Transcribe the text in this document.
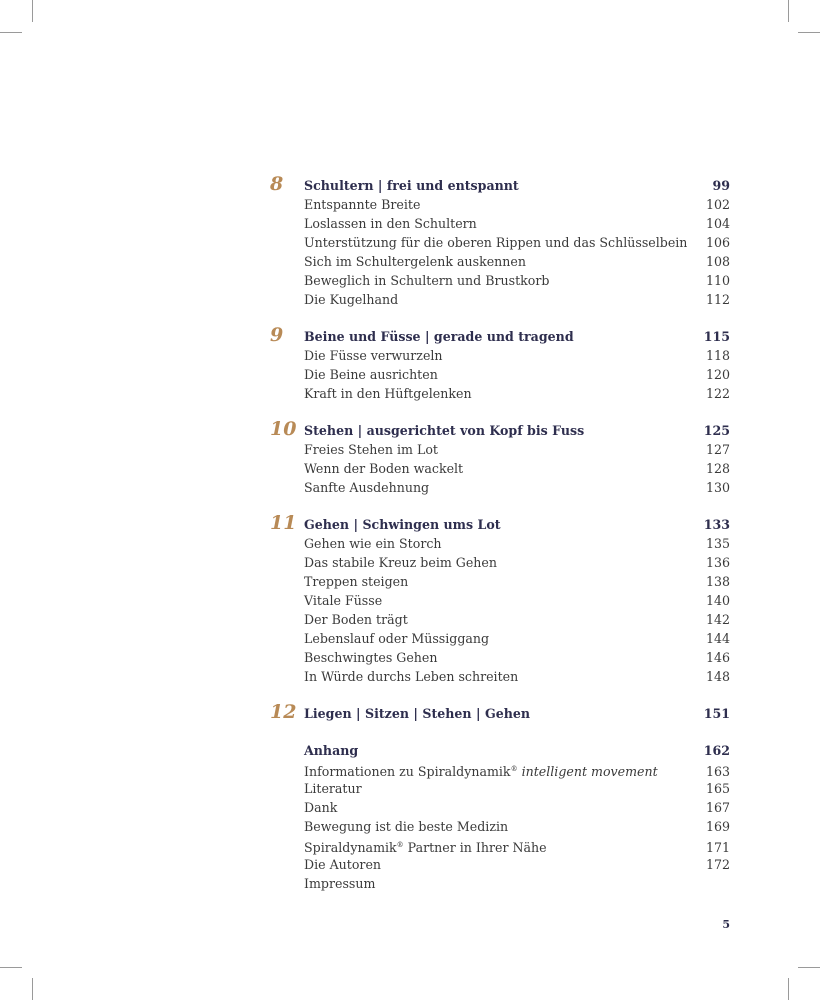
8	Schultern | frei und entspannt	99
Entspannte Breite	102
Loslassen in den Schultern	104
Unterstützung für die oberen Rippen und das Schlüsselbein	106
Sich im Schultergelenk auskennen	108
Beweglich in Schultern und Brustkorb	110
Die Kugelhand	112
9	Beine und Füsse | gerade und tragend	115
Die Füsse verwurzeln	118
Die Beine ausrichten	120
Kraft in den Hüftgelenken	122
10 Stehen | ausgerichtet von Kopf bis Fuss	125
Freies Stehen im Lot	127
Wenn der Boden wackelt	128
Sanfte Ausdehnung	130
11 Gehen | Schwingen ums Lot	133
Gehen wie ein Storch	135
Das stabile Kreuz beim Gehen	136
Treppen steigen	138
Vitale Füsse	140
Der Boden trägt	142
Lebenslauf oder Müssiggang	144
Beschwingtes Gehen	146
In Würde durchs Leben schreiten	148
12 Liegen | Sitzen | Stehen | Gehen	151
Anhang	162
Informationen zu Spiraldynamik® intelligent movement	163
Literatur	165
Dank	167
Bewegung ist die beste Medizin	169
Spiraldynamik® Partner in Ihrer Nähe	171
Die Autoren	172
Impressum
5
